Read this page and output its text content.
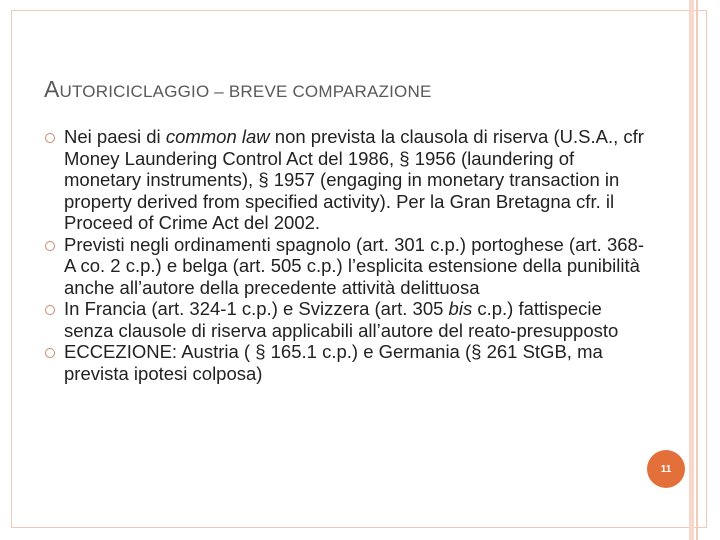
AUTORICICLAGGIO – BREVE COMPARAZIONE
Nei paesi di common law non prevista la clausola di riserva (U.S.A., cfr Money Laundering Control Act del 1986, § 1956 (laundering of monetary instruments), § 1957 (engaging in monetary transaction in property derived from specified activity). Per la Gran Bretagna cfr. il Proceed of Crime Act del 2002.
Previsti negli ordinamenti spagnolo (art. 301 c.p.) portoghese (art. 368-A co. 2 c.p.) e belga (art. 505 c.p.) l’esplicita estensione della punibilità anche all’autore della precedente attività delittuosa
In Francia (art. 324-1 c.p.) e Svizzera (art. 305 bis c.p.) fattispecie senza clausole di riserva applicabili all’autore del reato-presupposto
ECCEZIONE: Austria ( § 165.1 c.p.) e Germania (§ 261 StGB, ma prevista ipotesi colposa)
11
